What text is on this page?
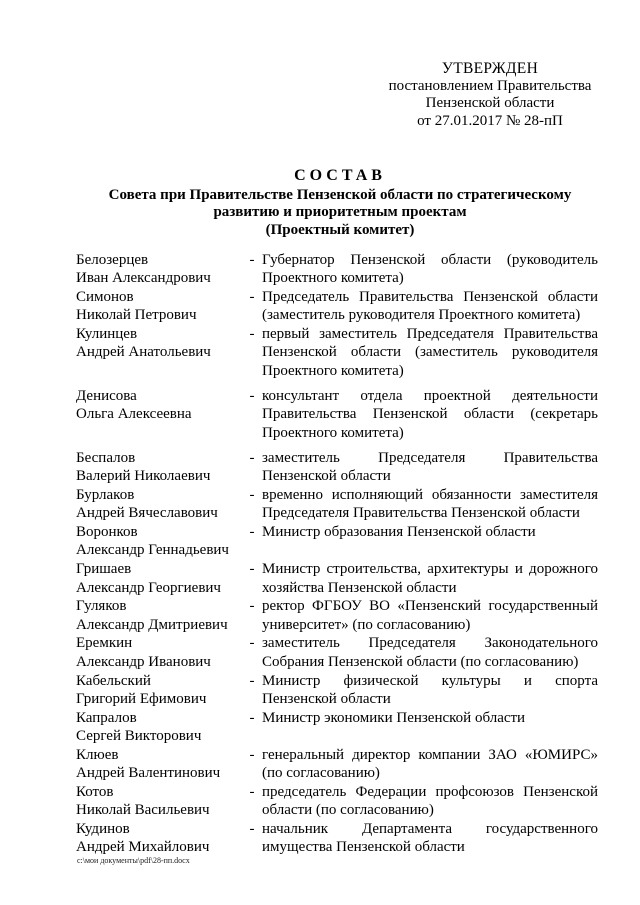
УТВЕРЖДЕН
постановлением Правительства
Пензенской области
от 27.01.2017 № 28-пП
СОСТАВ
Совета при Правительстве Пензенской области по стратегическому
развитию и приоритетным проектам
(Проектный комитет)
Белозерцев
Иван Александрович
- Губернатор Пензенской области (руководитель Проектного комитета)
Симонов
Николай Петрович
- Председатель Правительства Пензенской области (заместитель руководителя Проектного комитета)
Кулинцев
Андрей Анатольевич
- первый заместитель Председателя Правительства Пензенской области (заместитель руководителя Проектного комитета)
Денисова
Ольга Алексеевна
- консультант отдела проектной деятельности Правительства Пензенской области (секретарь Проектного комитета)
Беспалов
Валерий Николаевич
- заместитель Председателя Правительства Пензенской области
Бурлаков
Андрей Вячеславович
- временно исполняющий обязанности заместителя Председателя Правительства Пензенской области
Воронков
Александр Геннадьевич
- Министр образования Пензенской области
Гришаев
Александр Георгиевич
- Министр строительства, архитектуры и дорожного хозяйства Пензенской области
Гуляков
Александр Дмитриевич
- ректор ФГБОУ ВО «Пензенский государственный университет» (по согласованию)
Еремкин
Александр Иванович
- заместитель Председателя Законодательного Собрания Пензенской области (по согласованию)
Кабельский
Григорий Ефимович
- Министр физической культуры и спорта Пензенской области
Капралов
Сергей Викторович
- Министр экономики Пензенской области
Клюев
Андрей Валентинович
- генеральный директор компании ЗАО «ЮМИРС» (по согласованию)
Котов
Николай Васильевич
- председатель Федерации профсоюзов Пензенской области (по согласованию)
Кудинов
Андрей Михайлович
- начальник Департамента государственного имущества Пензенской области
c:\мои документы\pdf\28-пп.docx
